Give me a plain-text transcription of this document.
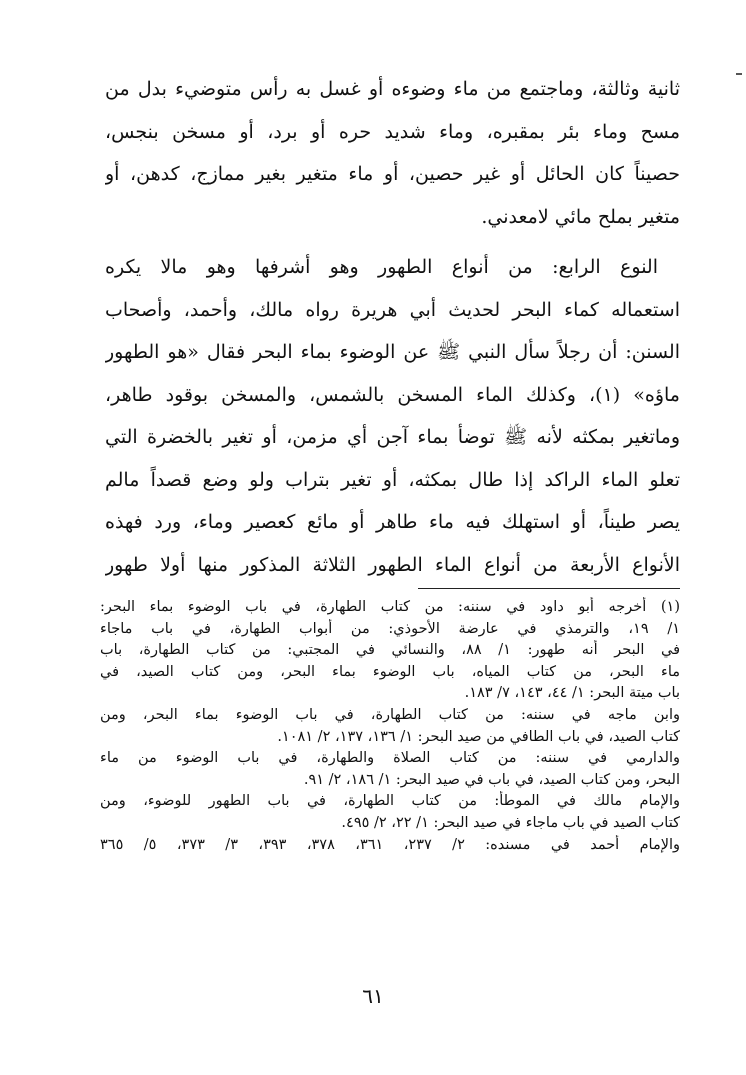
ثانية وثالثة، وماجتمع من ماء وضوءه أو غسل به رأس متوضيء بدل من
مسح وماء بئر بمقبره، وماء شديد حره أو برد، أو مسخن بنجس،
حصيناً كان الحائل أو غير حصين، أو ماء متغير بغير ممازج، كدهن، أو
متغير بملح مائي لامعدني.
النوع الرابع: من أنواع الطهور وهو أشرفها وهو مالا يكره
استعماله كماء البحر لحديث أبي هريرة رواه مالك، وأحمد، وأصحاب
السنن: أن رجلاً سأل النبي ﷺ عن الوضوء بماء البحر فقال «هو الطهور
ماؤه» (١)، وكذلك الماء المسخن بالشمس، والمسخن بوقود طاهر،
وماتغير بمكثه لأنه ﷺ توضأ بماء آجن أي مزمن، أو تغير بالخضرة التي
تعلو الماء الراكد إذا طال بمكثه، أو تغير بتراب ولو وضع قصداً مالم
يصر طيناً، أو استهلك فيه ماء طاهر أو مائع كعصير وماء، ورد فهذه
الأنواع الأربعة من أنواع الماء الطهور الثلاثة المذكور منها أولا طهور
(١) أخرجه أبو داود في سننه: من كتاب الطهارة، في باب الوضوء بماء البحر:
١/ ١٩، والترمذي في عارضة الأحوذي: من أبواب الطهارة، في باب ماجاء
في البحر أنه طهور: ١/ ٨٨، والنسائي في المجتبي: من كتاب الطهارة، باب
ماء البحر، من كتاب المياه، باب الوضوء بماء البحر، ومن كتاب الصيد، في
باب ميتة البحر: ١/ ٤٤، ١٤٣، ٧/ ١٨٣.
وابن ماجه في سننه: من كتاب الطهارة، في باب الوضوء بماء البحر، ومن
كتاب الصيد، في باب الطافي من صيد البحر: ١/ ١٣٦، ١٣٧، ٢/ ١٠٨١.
والدارمي في سننه: من كتاب الصلاة والطهارة، في باب الوضوء من ماء
البحر، ومن كتاب الصيد، في باب في صيد البحر: ١/ ١٨٦، ٢/ ٩١.
والإمام مالك في الموطأ: من كتاب الطهارة، في باب الطهور للوضوء، ومن
كتاب الصيد في باب ماجاء في صيد البحر: ١/ ٢٢، ٢/ ٤٩٥.
والإمام أحمد في مسنده: ٢/ ٢٣٧، ٣٦١، ٣٧٨، ٣٩٣، ٣/ ٣٧٣، ٥/ ٣٦٥
٦١
